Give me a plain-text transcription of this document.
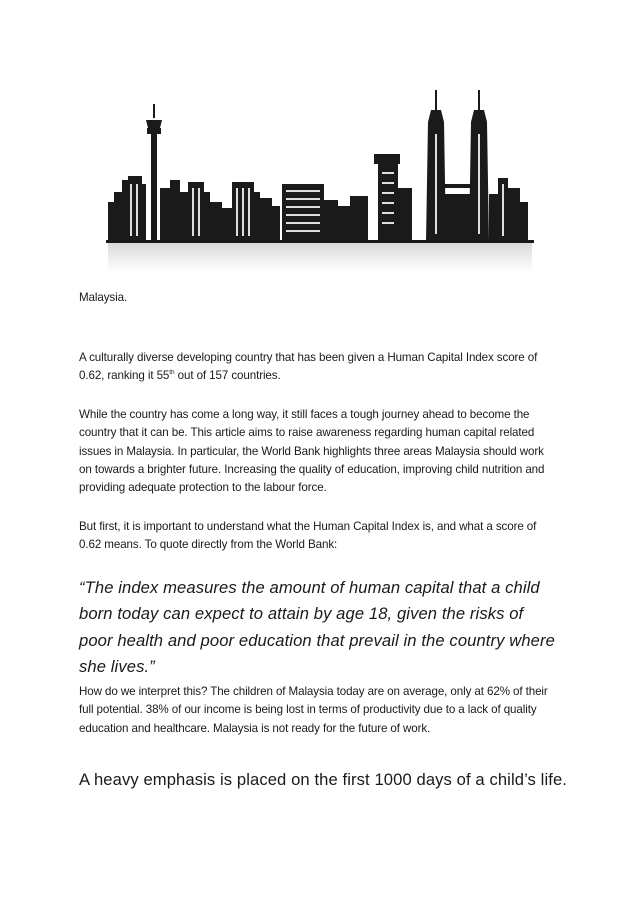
Malaysia.

A culturally diverse developing country that has been given a Human Capital Index score of 0.62, ranking it 55th out of 157 countries.

While the country has come a long way, it still faces a tough journey ahead to become the country that it can be. This article aims to raise awareness regarding human capital related issues in Malaysia. In particular, the World Bank highlights three areas Malaysia should work on towards a brighter future. Increasing the quality of education, improving child nutrition and providing adequate protection to the labour force.

But first, it is important to understand what the Human Capital Index is, and what a score of 0.62 means. To quote directly from the World Bank:

“The index measures the amount of human capital that a child born today can expect to attain by age 18, given the risks of poor health and poor education that prevail in the country where she lives.”

How do we interpret this? The children of Malaysia today are on average, only at 62% of their full potential. 38% of our income is being lost in terms of productivity due to a lack of quality education and healthcare. Malaysia is not ready for the future of work.

A heavy emphasis is placed on the first 1000 days of a child’s life.
